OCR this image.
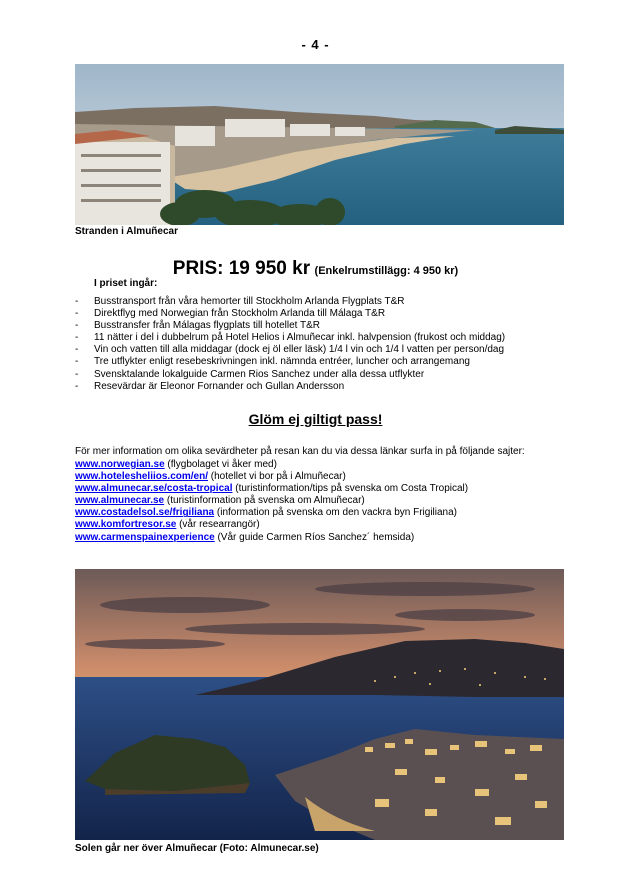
- 4 -
Stranden i Almuñecar
PRIS: 19 950 kr (Enkelrumstillägg: 4 950 kr)
I priset ingår:
- Busstransport från våra hemorter till Stockholm Arlanda Flygplats T&R
- Direktflyg med Norwegian från Stockholm Arlanda till Málaga T&R
- Busstransfer från Málagas flygplats till hotellet T&R
- 11 nätter i del i dubbelrum på Hotel Helios i Almuñecar inkl. halvpension (frukost och middag)
- Vin och vatten till alla middagar (dock ej öl eller läsk) 1/4 l vin och 1/4 l vatten per person/dag
- Tre utflykter enligt resebeskrivningen inkl. nämnda entréer, luncher och arrangemang
- Svensktalande lokalguide Carmen Rios Sanchez under alla dessa utflykter
- Resevärdar är Eleonor Fornander och Gullan Andersson
Glöm ej giltigt pass!
För mer information om olika sevärdheter på resan kan du via dessa länkar surfa in på följande sajter:
www.norwegian.se (flygbolaget vi åker med)
www.hotelesheliios.com/en/ (hotellet vi bor på i Almuñecar)
www.almunecar.se/costa-tropical (turistinformation/tips på svenska om Costa Tropical)
www.almunecar.se (turistinformation på svenska om Almuñecar)
www.costadelsol.se/frigiliana (information på svenska om den vackra byn Frigiliana)
www.komfortresor.se (vår researrangör)
www.carmenspainexperience (Vår guide Carmen Ríos Sanchez´ hemsida)
Solen går ner över Almuñecar (Foto: Almunecar.se)
